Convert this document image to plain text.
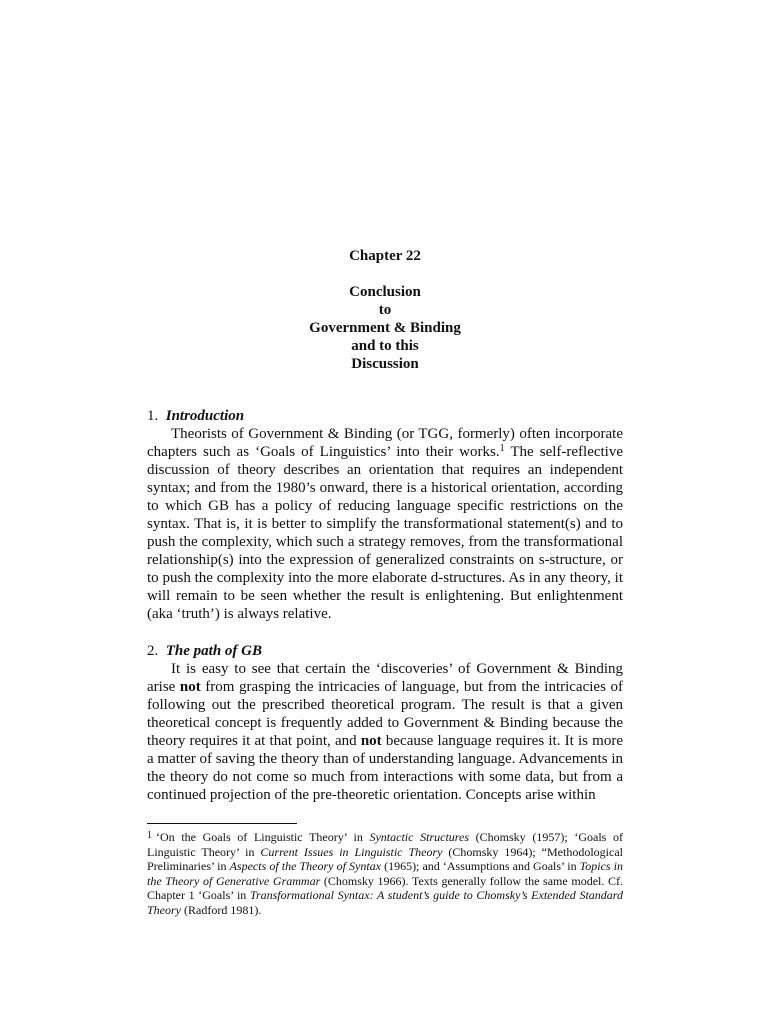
Chapter 22
Conclusion
to
Government & Binding
and to this
Discussion
1. Introduction
Theorists of Government & Binding (or TGG, formerly) often incorporate chapters such as ‘Goals of Linguistics’ into their works.$^1$ The self-reflective discussion of theory describes an orientation that requires an independent syntax; and from the 1980’s onward, there is a historical orientation, according to which GB has a policy of reducing language specific restrictions on the syntax. That is, it is better to simplify the transformational statement(s) and to push the complexity, which such a strategy removes, from the transformational relationship(s) into the expression of generalized constraints on s-structure, or to push the complexity into the more elaborate d-structures. As in any theory, it will remain to be seen whether the result is enlightening. But enlightenment (aka ‘truth’) is always relative.
2. The path of GB
It is easy to see that certain the ‘discoveries’ of Government & Binding arise not from grasping the intricacies of language, but from the intricacies of following out the prescribed theoretical program. The result is that a given theoretical concept is frequently added to Government & Binding because the theory requires it at that point, and not because language requires it. It is more a matter of saving the theory than of understanding language. Advancements in the theory do not come so much from interactions with some data, but from a continued projection of the pre-theoretic orientation. Concepts arise within
$^1$ ‘On the Goals of Linguistic Theory’ in Syntactic Structures (Chomsky (1957); ‘Goals of Linguistic Theory’ in Current Issues in Linguistic Theory (Chomsky 1964); “Methodological Preliminaries’ in Aspects of the Theory of Syntax (1965); and ‘Assumptions and Goals’ in Topics in the Theory of Generative Grammar (Chomsky 1966). Texts generally follow the same model. Cf. Chapter 1 ‘Goals’ in Transformational Syntax: A student’s guide to Chomsky’s Extended Standard Theory (Radford 1981).
